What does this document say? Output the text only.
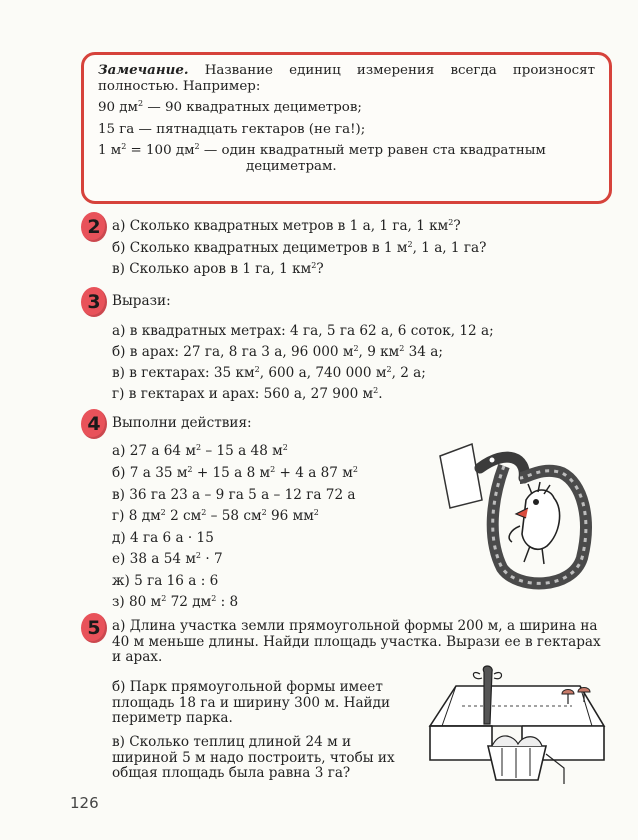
Замечание. Название единиц измерения всегда произносят полностью. Например:

90 $дм^2$ — 90 квадратных дециметров;

15 га — пятнадцать гектаров (не га!);

1 $м^2 = 100$ $дм^2$ — один квадратный метр равен ста квадратным дециметрам.

2 а) Сколько квадратных метров в 1 а, 1 га, 1 $км^2$?
б) Сколько квадратных дециметров в 1 $м^2$, 1 а, 1 га?
в) Сколько аров в 1 га, 1 $км^2$?
3 Вырази:
а) в квадратных метрах: 4 га, 5 га 62 а, 6 соток, 12 а;
б) в арах: 27 га, 8 га 3 а, 96 000 $м^2$, 9 $км^2$ 34 а;
в) в гектарах: 35 $км^2$, 600 а, 740 000 $м^2$, 2 а;
г) в гектарах и арах: 560 а, 27 900 $м^2$.
4 Выполни действия:
а) 27 а 64 $м^2 - 15$ а 48 $м^2$
б) 7 а 35 $м^2 + 15$ а 8 $м^2 + 4$ а 87 $м^2$
в) 36 га 23 а – 9 га 5 а – 12 га 72 а
г) 8 $дм^2$ 2 $см^2 - 58$ $см^2$ 96 $мм^2$
д) 4 га 6 а · 15
е) 38 а 54 $м^2 \cdot 7$
ж) 5 га 16 а : 6
з) 80 $м^2$ 72 $дм^2$ : 8
5 а) Длина участка земли прямоугольной формы 200 м, а ширина на 40 м меньше длины. Найди площадь участка. Вырази ее в гектарах и арах.
б) Парк прямоугольной формы имеет площадь 18 га и ширину 300 м. Найди периметр парка.
в) Сколько теплиц длиной 24 м и шириной 5 м надо построить, чтобы их общая площадь была равна 3 га?
126
